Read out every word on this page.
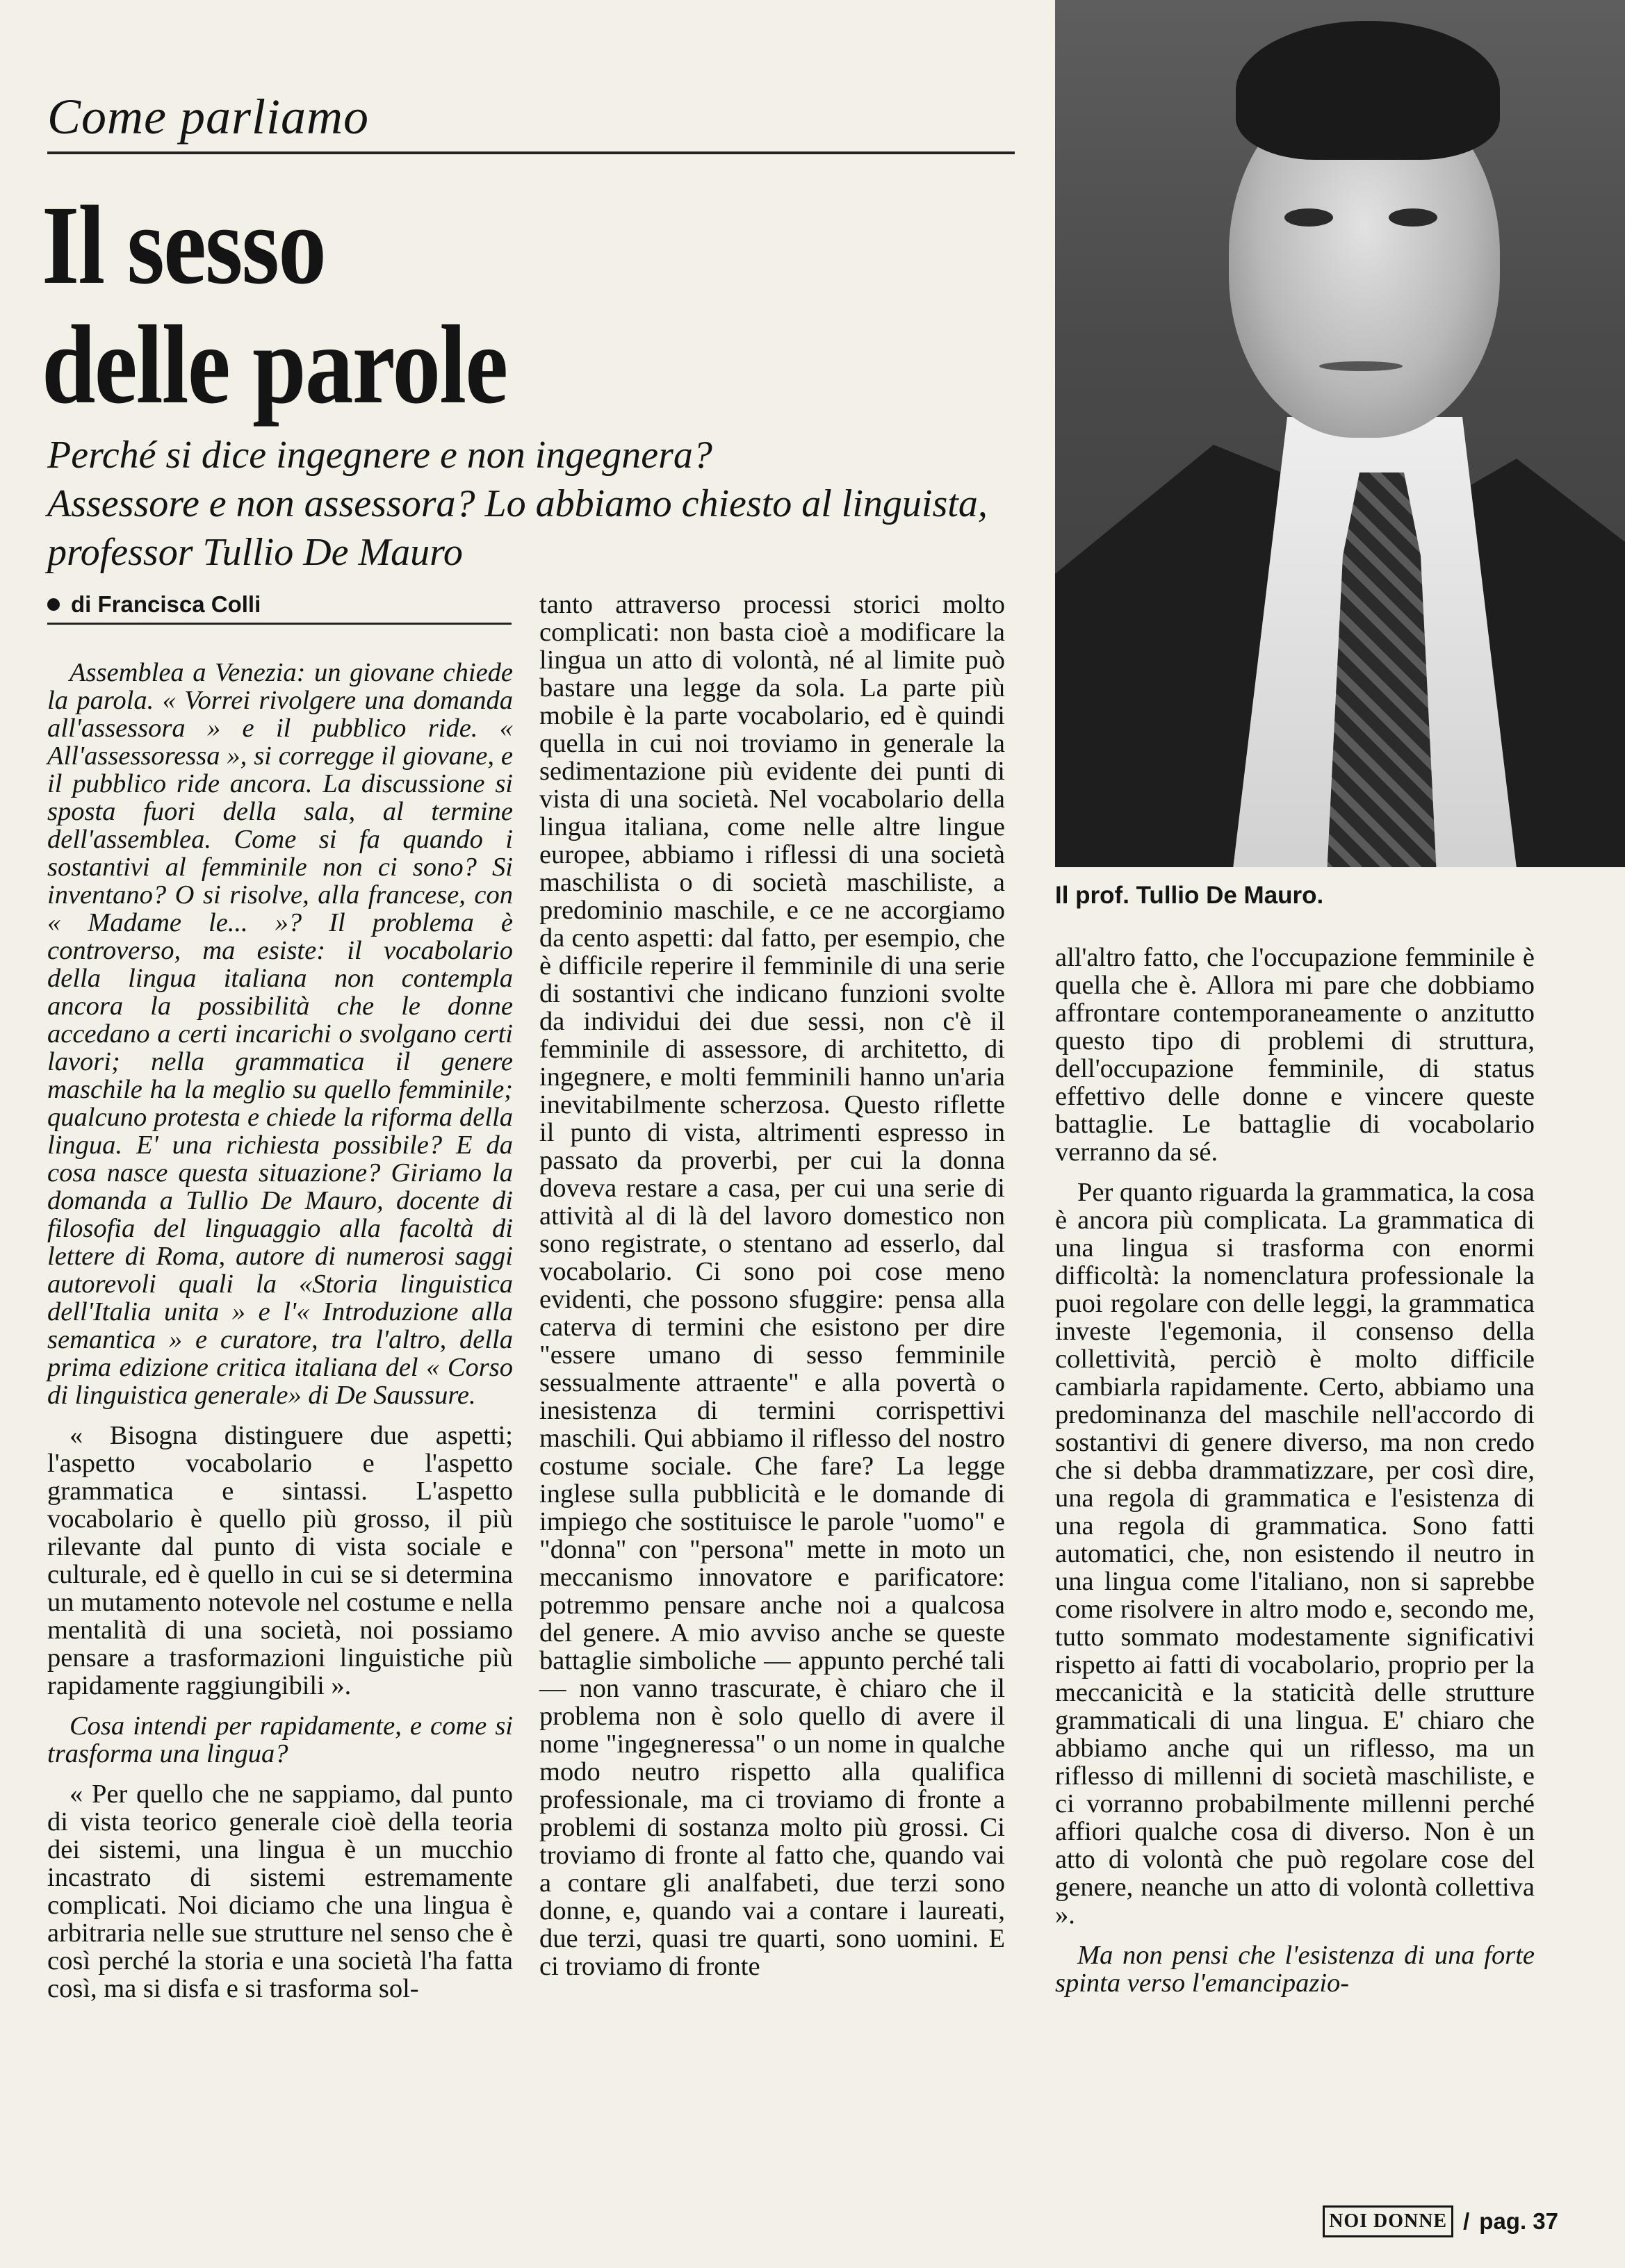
Come parliamo
Il sesso
delle parole
Perché si dice ingegnere e non ingegnera?
Assessore e non assessora? Lo abbiamo chiesto al linguista,
professor Tullio De Mauro
Il prof. Tullio De Mauro.
di Francisca Colli

Assemblea a Venezia: un giovane chiede la parola. « Vorrei rivolgere una domanda all'assessora » e il pubblico ride. « All'assessoressa », si corregge il giovane, e il pubblico ride ancora. La discussione si sposta fuori della sala, al termine dell'assemblea. Come si fa quando i sostantivi al femminile non ci sono? Si inventano? O si risolve, alla francese, con « Madame le... »? Il problema è controverso, ma esiste: il vocabolario della lingua italiana non contempla ancora la possibilità che le donne accedano a certi incarichi o svolgano certi lavori; nella grammatica il genere maschile ha la meglio su quello femminile; qualcuno protesta e chiede la riforma della lingua. E' una richiesta possibile? E da cosa nasce questa situazione? Giriamo la domanda a Tullio De Mauro, docente di filosofia del linguaggio alla facoltà di lettere di Roma, autore di numerosi saggi autorevoli quali la «Storia linguistica dell'Italia unita » e l'« Introduzione alla semantica » e curatore, tra l'altro, della prima edizione critica italiana del « Corso di linguistica generale» di De Saussure.

« Bisogna distinguere due aspetti; l'aspetto vocabolario e l'aspetto grammatica e sintassi. L'aspetto vocabolario è quello più grosso, il più rilevante dal punto di vista sociale e culturale, ed è quello in cui se si determina un mutamento notevole nel costume e nella mentalità di una società, noi possiamo pensare a trasformazioni linguistiche più rapidamente raggiungibili ».

Cosa intendi per rapidamente, e come si trasforma una lingua?

« Per quello che ne sappiamo, dal punto di vista teorico generale cioè della teoria dei sistemi, una lingua è un mucchio incastrato di sistemi estremamente complicati. Noi diciamo che una lingua è arbitraria nelle sue strutture nel senso che è così perché la storia e una società l'ha fatta così, ma si disfa e si trasforma sol-

tanto attraverso processi storici molto complicati: non basta cioè a modificare la lingua un atto di volontà, né al limite può bastare una legge da sola. La parte più mobile è la parte vocabolario, ed è quindi quella in cui noi troviamo in generale la sedimentazione più evidente dei punti di vista di una società. Nel vocabolario della lingua italiana, come nelle altre lingue europee, abbiamo i riflessi di una società maschilista o di società maschiliste, a predominio maschile, e ce ne accorgiamo da cento aspetti: dal fatto, per esempio, che è difficile reperire il femminile di una serie di sostantivi che indicano funzioni svolte da individui dei due sessi, non c'è il femminile di assessore, di architetto, di ingegnere, e molti femminili hanno un'aria inevitabilmente scherzosa. Questo riflette il punto di vista, altrimenti espresso in passato da proverbi, per cui la donna doveva restare a casa, per cui una serie di attività al di là del lavoro domestico non sono registrate, o stentano ad esserlo, dal vocabolario. Ci sono poi cose meno evidenti, che possono sfuggire: pensa alla caterva di termini che esistono per dire "essere umano di sesso femminile sessualmente attraente" e alla povertà o inesistenza di termini corrispettivi maschili. Qui abbiamo il riflesso del nostro costume sociale. Che fare? La legge inglese sulla pubblicità e le domande di impiego che sostituisce le parole "uomo" e "donna" con "persona" mette in moto un meccanismo innovatore e parificatore: potremmo pensare anche noi a qualcosa del genere. A mio avviso anche se queste battaglie simboliche — appunto perché tali — non vanno trascurate, è chiaro che il problema non è solo quello di avere il nome "ingegneressa" o un nome in qualche modo neutro rispetto alla qualifica professionale, ma ci troviamo di fronte a problemi di sostanza molto più grossi. Ci troviamo di fronte al fatto che, quando vai a contare gli analfabeti, due terzi sono donne, e, quando vai a contare i laureati, due terzi, quasi tre quarti, sono uomini. E ci troviamo di fronte

all'altro fatto, che l'occupazione femminile è quella che è. Allora mi pare che dobbiamo affrontare contemporaneamente o anzitutto questo tipo di problemi di struttura, dell'occupazione femminile, di status effettivo delle donne e vincere queste battaglie. Le battaglie di vocabolario verranno da sé.

Per quanto riguarda la grammatica, la cosa è ancora più complicata. La grammatica di una lingua si trasforma con enormi difficoltà: la nomenclatura professionale la puoi regolare con delle leggi, la grammatica investe l'egemonia, il consenso della collettività, perciò è molto difficile cambiarla rapidamente. Certo, abbiamo una predominanza del maschile nell'accordo di sostantivi di genere diverso, ma non credo che si debba drammatizzare, per così dire, una regola di grammatica e l'esistenza di una regola di grammatica. Sono fatti automatici, che, non esistendo il neutro in una lingua come l'italiano, non si saprebbe come risolvere in altro modo e, secondo me, tutto sommato modestamente significativi rispetto ai fatti di vocabolario, proprio per la meccanicità e la staticità delle strutture grammaticali di una lingua. E' chiaro che abbiamo anche qui un riflesso, ma un riflesso di millenni di società maschiliste, e ci vorranno probabilmente millenni perché affiori qualche cosa di diverso. Non è un atto di volontà che può regolare cose del genere, neanche un atto di volontà collettiva ».

Ma non pensi che l'esistenza di una forte spinta verso l'emancipazio-

NOI DONNE / pag. 37
